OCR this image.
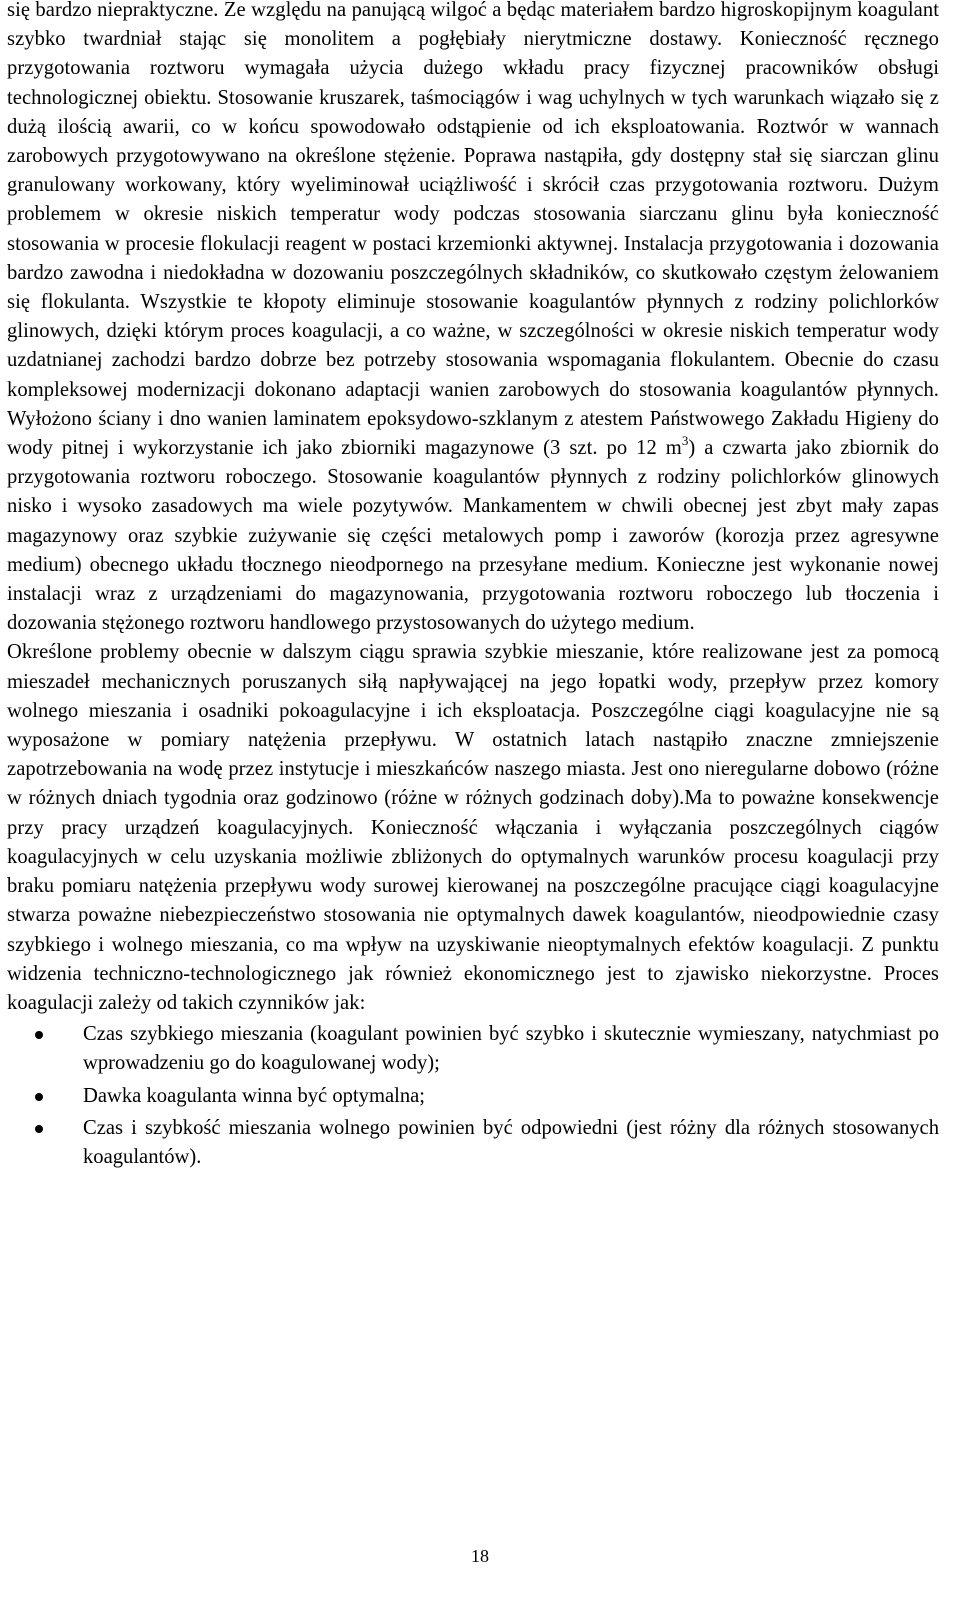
się bardzo niepraktyczne. Ze względu na panującą wilgoć a będąc materiałem bardzo higroskopijnym koagulant szybko twardniał stając się monolitem a pogłębiały nierytmiczne dostawy. Konieczność ręcznego przygotowania roztworu wymagała użycia dużego wkładu pracy fizycznej pracowników obsługi technologicznej obiektu. Stosowanie kruszarek, taśmociągów i wag uchylnych w tych warunkach wiązało się z dużą ilością awarii, co w końcu spowodowało odstąpienie od ich eksploatowania. Roztwór w wannach zarobowych przygotowywano na określone stężenie. Poprawa nastąpiła, gdy dostępny stał się siarczan glinu granulowany workowany, który wyeliminował uciążliwość i skrócił czas przygotowania roztworu. Dużym problemem w okresie niskich temperatur wody podczas stosowania siarczanu glinu była konieczność stosowania w procesie flokulacji reagent w postaci krzemionki aktywnej. Instalacja przygotowania i dozowania bardzo zawodna i niedokładna w dozowaniu poszczególnych składników, co skutkowało częstym żelowaniem się flokulanta. Wszystkie te kłopoty eliminuje stosowanie koagulantów płynnych z rodziny polichlorków glinowych, dzięki którym proces koagulacji, a co ważne, w szczególności w okresie niskich temperatur wody uzdatnianej zachodzi bardzo dobrze bez potrzeby stosowania wspomagania flokulantem. Obecnie do czasu kompleksowej modernizacji dokonano adaptacji wanien zarobowych do stosowania koagulantów płynnych. Wyłożono ściany i dno wanien laminatem epoksydowo-szklanym z atestem Państwowego Zakładu Higieny do wody pitnej i wykorzystanie ich jako zbiorniki magazynowe (3 szt. po 12 $m^3$) a czwarta jako zbiornik do przygotowania roztworu roboczego. Stosowanie koagulantów płynnych z rodziny polichlorków glinowych nisko i wysoko zasadowych ma wiele pozytywów. Mankamentem w chwili obecnej jest zbyt mały zapas magazynowy oraz szybkie zużywanie się części metalowych pomp i zaworów (korozja przez agresywne medium) obecnego układu tłocznego nieodpornego na przesyłane medium. Konieczne jest wykonanie nowej instalacji wraz z urządzeniami do magazynowania, przygotowania roztworu roboczego lub tłoczenia i dozowania stężonego roztworu handlowego przystosowanych do użytego medium.

Określone problemy obecnie w dalszym ciągu sprawia szybkie mieszanie, które realizowane jest za pomocą mieszadeł mechanicznych poruszanych siłą napływającej na jego łopatki wody, przepływ przez komory wolnego mieszania i osadniki pokoagulacyjne i ich eksploatacja. Poszczególne ciągi koagulacyjne nie są wyposażone w pomiary natężenia przepływu. W ostatnich latach nastąpiło znaczne zmniejszenie zapotrzebowania na wodę przez instytucje i mieszkańców naszego miasta. Jest ono nieregularne dobowo (różne w różnych dniach tygodnia oraz godzinowo (różne w różnych godzinach doby).Ma to poważne konsekwencje przy pracy urządzeń koagulacyjnych. Konieczność włączania i wyłączania poszczególnych ciągów koagulacyjnych w celu uzyskania możliwie zbliżonych do optymalnych warunków procesu koagulacji przy braku pomiaru natężenia przepływu wody surowej kierowanej na poszczególne pracujące ciągi koagulacyjne stwarza poważne niebezpieczeństwo stosowania nie optymalnych dawek koagulantów, nieodpowiednie czasy szybkiego i wolnego mieszania, co ma wpływ na uzyskiwanie nieoptymalnych efektów koagulacji. Z punktu widzenia techniczno-technologicznego jak również ekonomicznego jest to zjawisko niekorzystne. Proces koagulacji zależy od takich czynników jak:

Czas szybkiego mieszania (koagulant powinien być szybko i skutecznie wymieszany, natychmiast po wprowadzeniu go do koagulowanej wody);
Dawka koagulanta winna być optymalna;
Czas i szybkość mieszania wolnego powinien być odpowiedni (jest różny dla różnych stosowanych koagulantów).
18
